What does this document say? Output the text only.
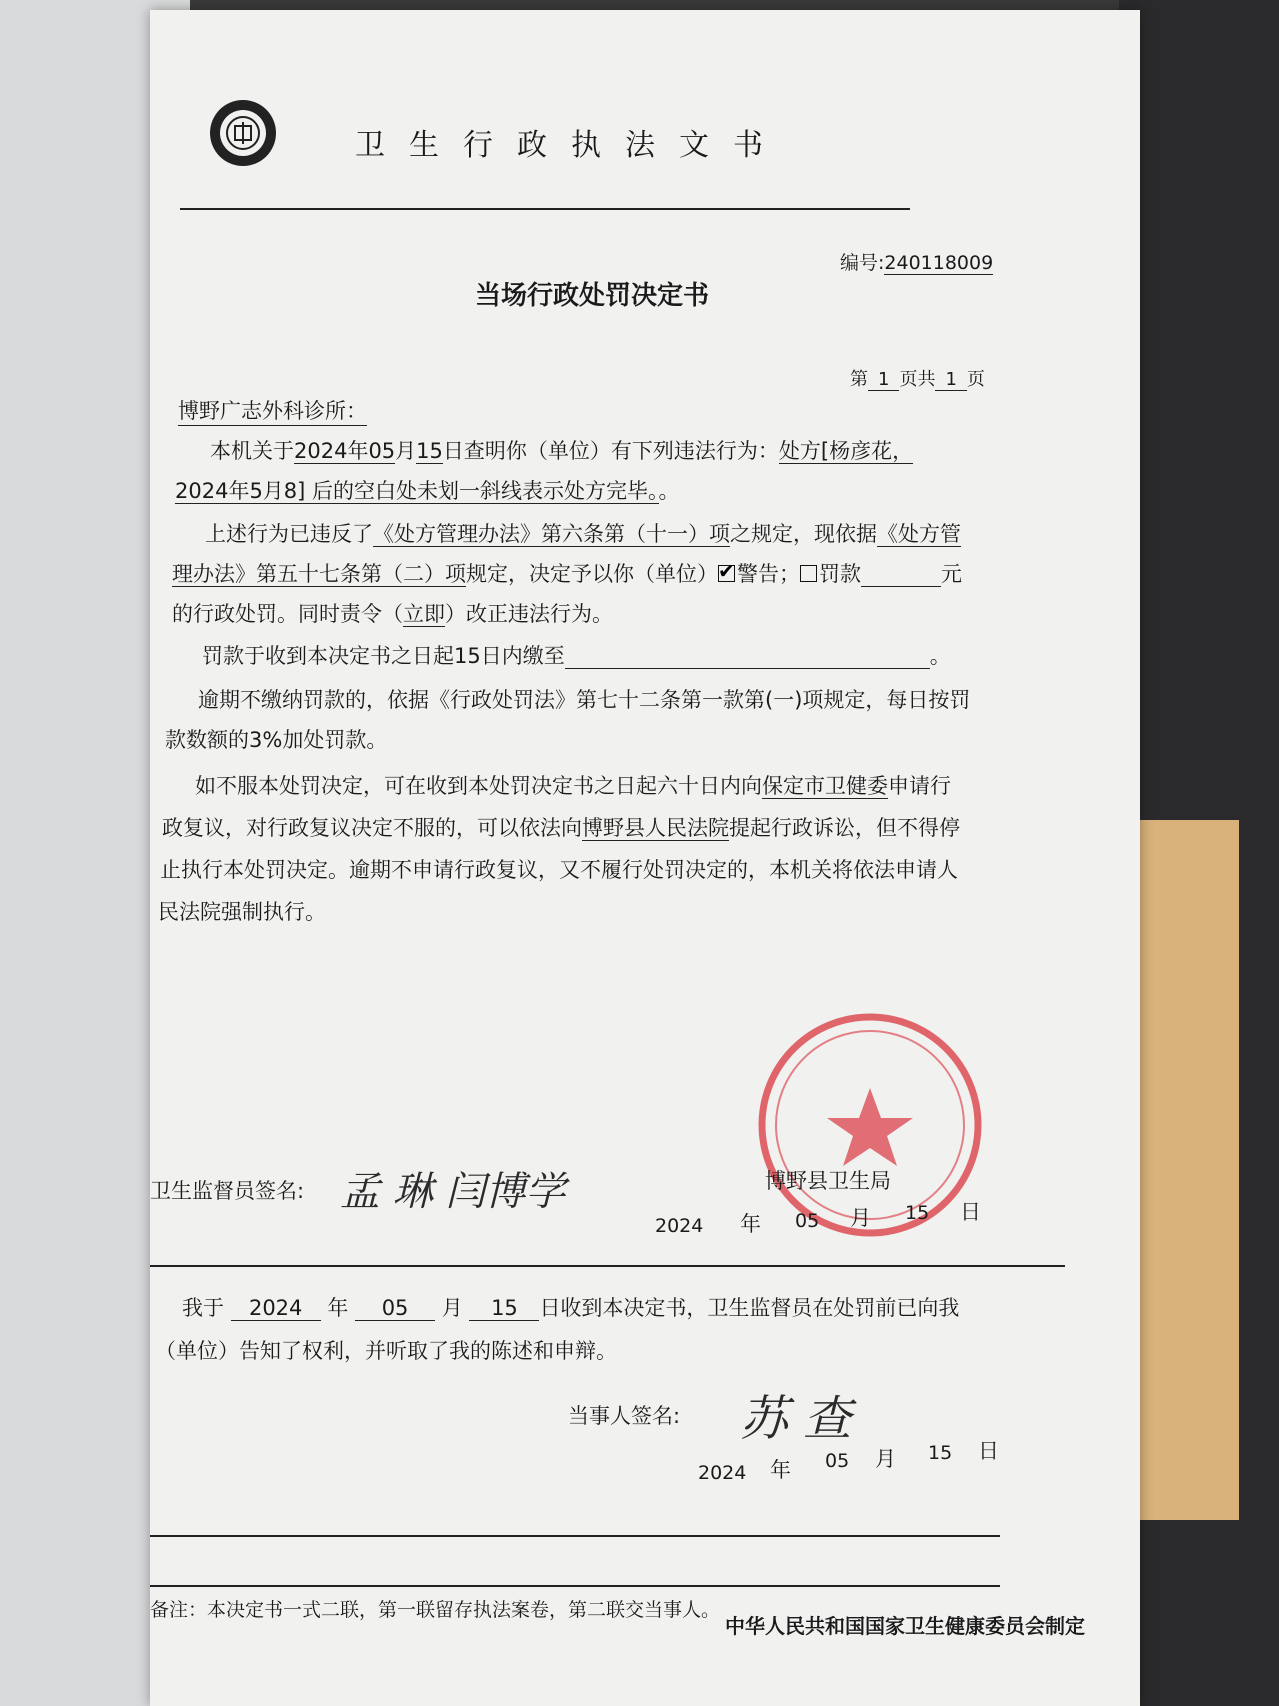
卫生行政执法文书
编号:240118009
当场行政处罚决定书
第 1 页共 1 页
博野广志外科诊所：
本机关于2024年05月15日查明你（单位）有下列违法行为：处方[杨彦花，
2024年5月8] 后的空白处未划一斜线表示处方完毕。。
上述行为已违反了《处方管理办法》第六条第（十一）项之规定，现依据《处方管
理办法》第五十七条第（二）项规定，决定予以你（单位）✔ 警告； 罚款	元
的行政处罚。同时责令（立即）改正违法行为。
罚款于收到本决定书之日起15日内缴至	。
逾期不缴纳罚款的，依据《行政处罚法》第七十二条第一款第(一)项规定，每日按罚
款数额的3%加处罚款。
如不服本处罚决定，可在收到本处罚决定书之日起六十日内向保定市卫健委申请行
政复议，对行政复议决定不服的，可以依法向博野县人民法院提起行政诉讼，但不得停
止执行本处罚决定。逾期不申请行政复议，又不履行处罚决定的，本机关将依法申请人
民法院强制执行。
卫生监督员签名: 孟 琳 闫博学	博野县卫生局
2024 年 05 月 15 日
我于 2024 年 05 月 15 日收到本决定书，卫生监督员在处罚前已向我
（单位）告知了权利，并听取了我的陈述和申辩。
当事人签名: 苏 查
2024 年 05 月 15 日
备注：本决定书一式二联，第一联留存执法案卷，第二联交当事人。
中华人民共和国国家卫生健康委员会制定
